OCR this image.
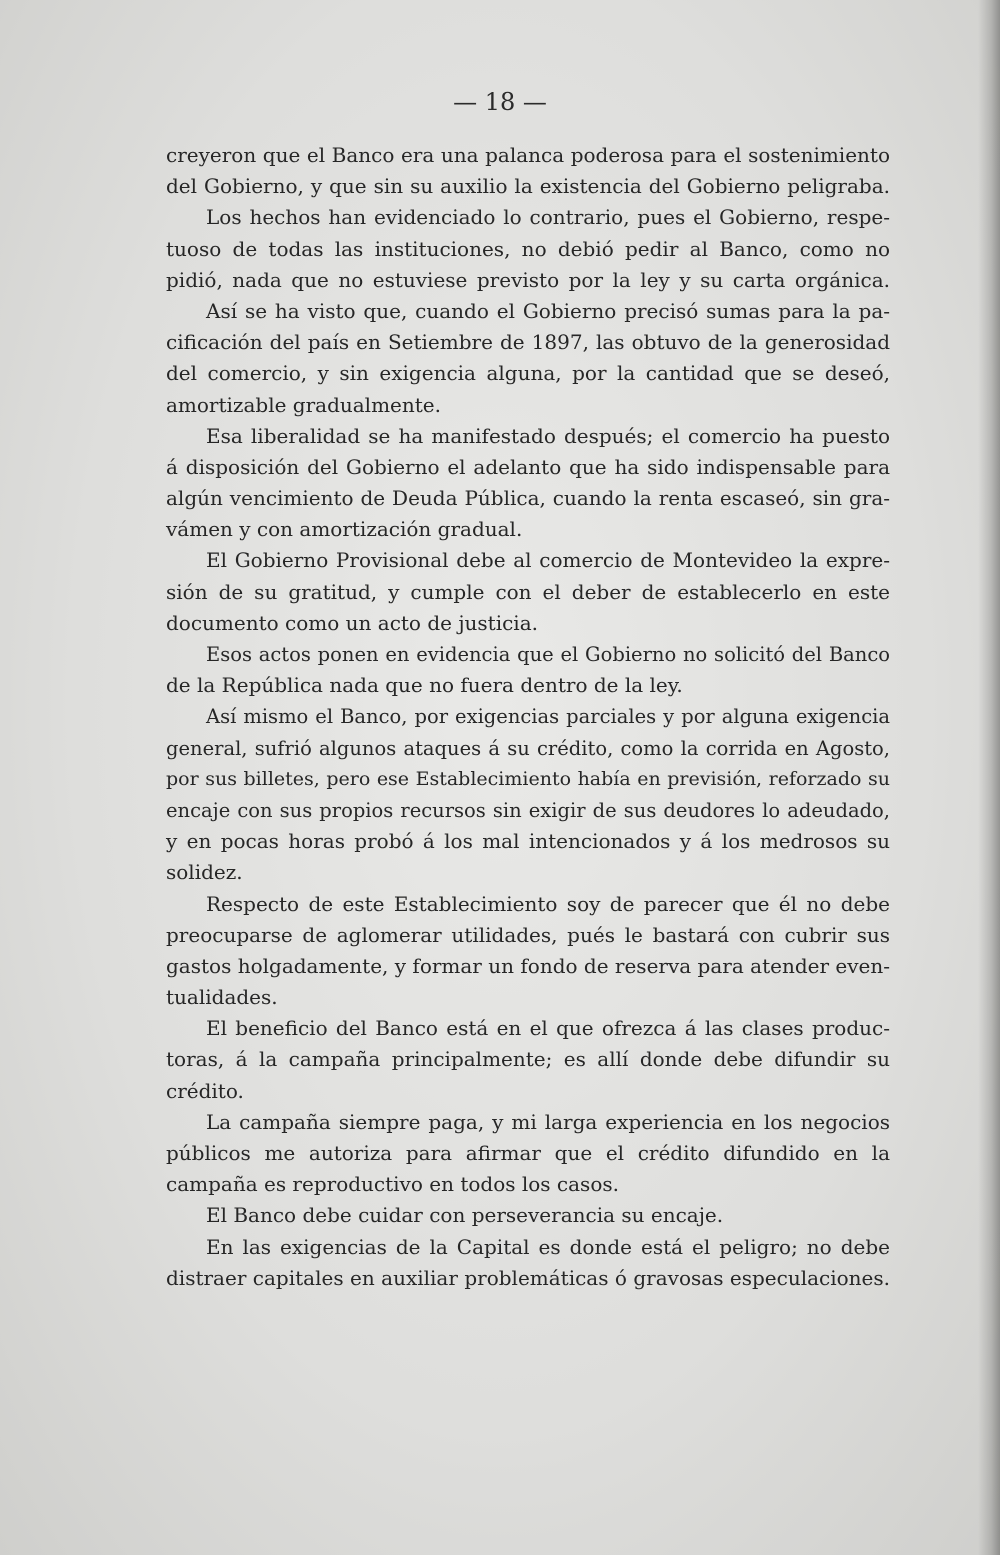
— 18 —
creyeron que el Banco era una palanca poderosa para el sostenimiento
del Gobierno, y que sin su auxilio la existencia del Gobierno peligraba.
Los hechos han evidenciado lo contrario, pues el Gobierno, respe-
tuoso de todas las instituciones, no debió pedir al Banco, como no
pidió, nada que no estuviese previsto por la ley y su carta orgánica.
Así se ha visto que, cuando el Gobierno precisó sumas para la pa-
cificación del país en Setiembre de 1897, las obtuvo de la generosidad
del comercio, y sin exigencia alguna, por la cantidad que se deseó,
amortizable gradualmente.
Esa liberalidad se ha manifestado después; el comercio ha puesto
á disposición del Gobierno el adelanto que ha sido indispensable para
algún vencimiento de Deuda Pública, cuando la renta escaseó, sin gra-
vámen y con amortización gradual.
El Gobierno Provisional debe al comercio de Montevideo la expre-
sión de su gratitud, y cumple con el deber de establecerlo en este
documento como un acto de justicia.
Esos actos ponen en evidencia que el Gobierno no solicitó del Banco
de la República nada que no fuera dentro de la ley.
Así mismo el Banco, por exigencias parciales y por alguna exigencia
general, sufrió algunos ataques á su crédito, como la corrida en Agosto,
por sus billetes, pero ese Establecimiento había en previsión, reforzado su
encaje con sus propios recursos sin exigir de sus deudores lo adeudado,
y en pocas horas probó á los mal intencionados y á los medrosos su
solidez.
Respecto de este Establecimiento soy de parecer que él no debe
preocuparse de aglomerar utilidades, pués le bastará con cubrir sus
gastos holgadamente, y formar un fondo de reserva para atender even-
tualidades.
El beneficio del Banco está en el que ofrezca á las clases produc-
toras, á la campaña principalmente; es allí donde debe difundir su
crédito.
La campaña siempre paga, y mi larga experiencia en los negocios
públicos me autoriza para afirmar que el crédito difundido en la
campaña es reproductivo en todos los casos.
El Banco debe cuidar con perseverancia su encaje.
En las exigencias de la Capital es donde está el peligro; no debe
distraer capitales en auxiliar problemáticas ó gravosas especulaciones.
